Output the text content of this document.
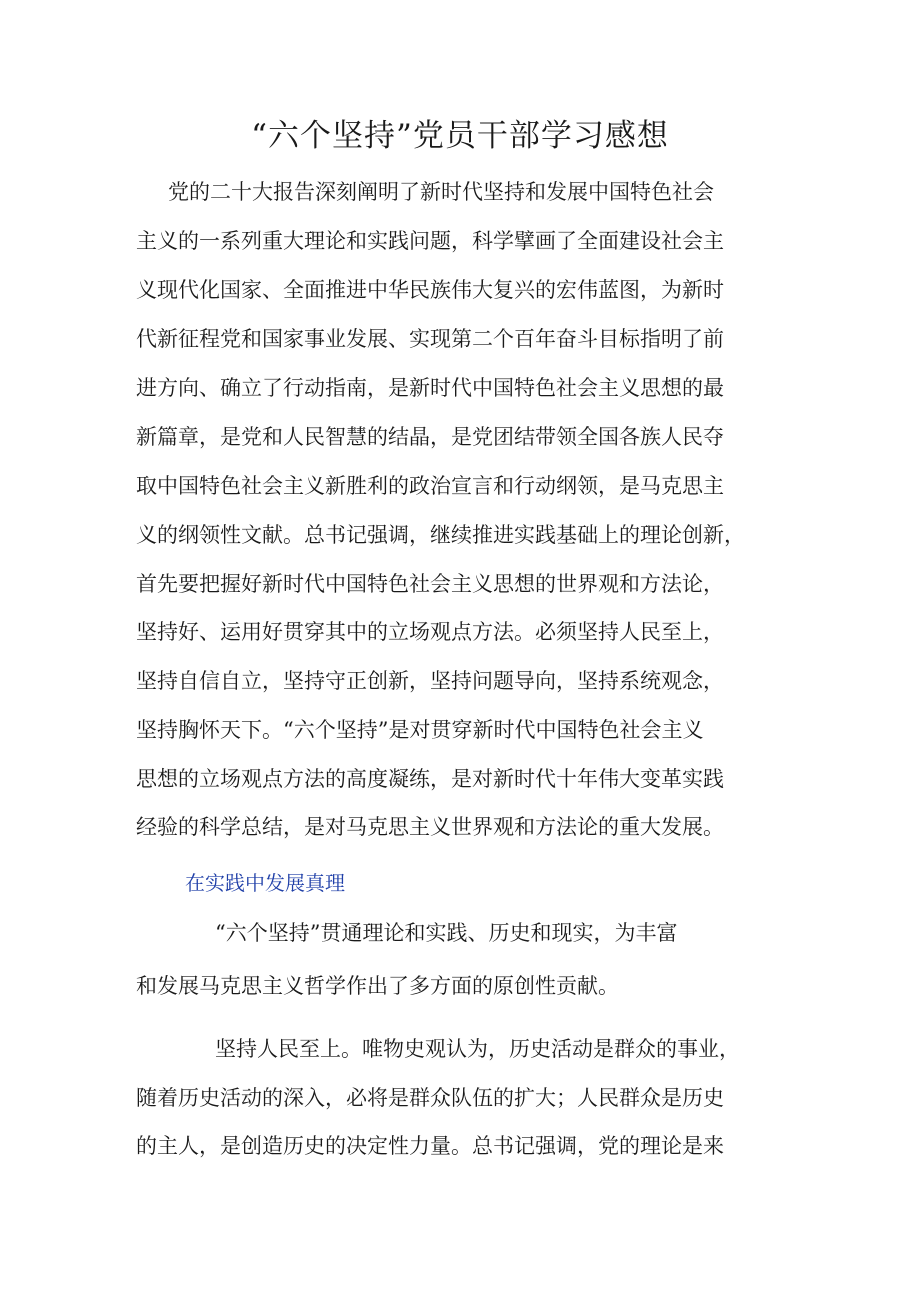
“六个坚持”党员干部学习感想

党的二十大报告深刻阐明了新时代坚持和发展中国特色社会

主义的一系列重大理论和实践问题，科学擘画了全面建设社会主

义现代化国家、全面推进中华民族伟大复兴的宏伟蓝图，为新时

代新征程党和国家事业发展、实现第二个百年奋斗目标指明了前

进方向、确立了行动指南，是新时代中国特色社会主义思想的最

新篇章，是党和人民智慧的结晶，是党团结带领全国各族人民夺

取中国特色社会主义新胜利的政治宣言和行动纲领，是马克思主

义的纲领性文献。总书记强调，继续推进实践基础上的理论创新，

首先要把握好新时代中国特色社会主义思想的世界观和方法论，

坚持好、运用好贯穿其中的立场观点方法。必须坚持人民至上，

坚持自信自立，坚持守正创新，坚持问题导向，坚持系统观念，

坚持胸怀天下。“六个坚持”是对贯穿新时代中国特色社会主义

思想的立场观点方法的高度凝练，是对新时代十年伟大变革实践

经验的科学总结，是对马克思主义世界观和方法论的重大发展。

在实践中发展真理

“六个坚持”贯通理论和实践、历史和现实，为丰富

和发展马克思主义哲学作出了多方面的原创性贡献。

坚持人民至上。唯物史观认为，历史活动是群众的事业，

随着历史活动的深入，必将是群众队伍的扩大；人民群众是历史

的主人，是创造历史的决定性力量。总书记强调，党的理论是来
